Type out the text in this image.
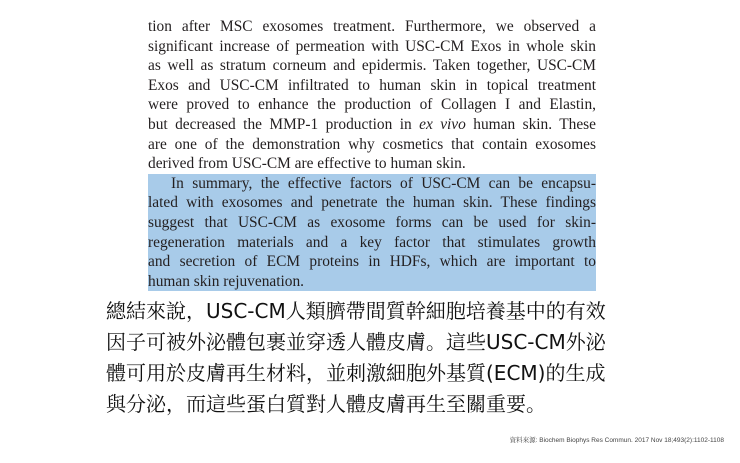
tion after MSC exosomes treatment. Furthermore, we observed a
significant increase of permeation with USC-CM Exos in whole skin
as well as stratum corneum and epidermis. Taken together, USC-CM
Exos and USC-CM infiltrated to human skin in topical treatment
were proved to enhance the production of Collagen I and Elastin,
but decreased the MMP-1 production in ex vivo human skin. These
are one of the demonstration why cosmetics that contain exosomes
derived from USC-CM are effective to human skin.
In summary, the effective factors of USC-CM can be encapsu-
lated with exosomes and penetrate the human skin. These findings
suggest that USC-CM as exosome forms can be used for skin-
regeneration materials and a key factor that stimulates growth
and secretion of ECM proteins in HDFs, which are important to
human skin rejuvenation.
總結來說，USC-CM人類臍帶間質幹細胞培養基中的有效
因子可被外泌體包裹並穿透人體皮膚。這些USC-CM外泌
體可用於皮膚再生材料，並刺激細胞外基質(ECM)的生成
與分泌，而這些蛋白質對人體皮膚再生至關重要。
資料來源: Biochem Biophys Res Commun. 2017 Nov 18;493(2):1102-1108
